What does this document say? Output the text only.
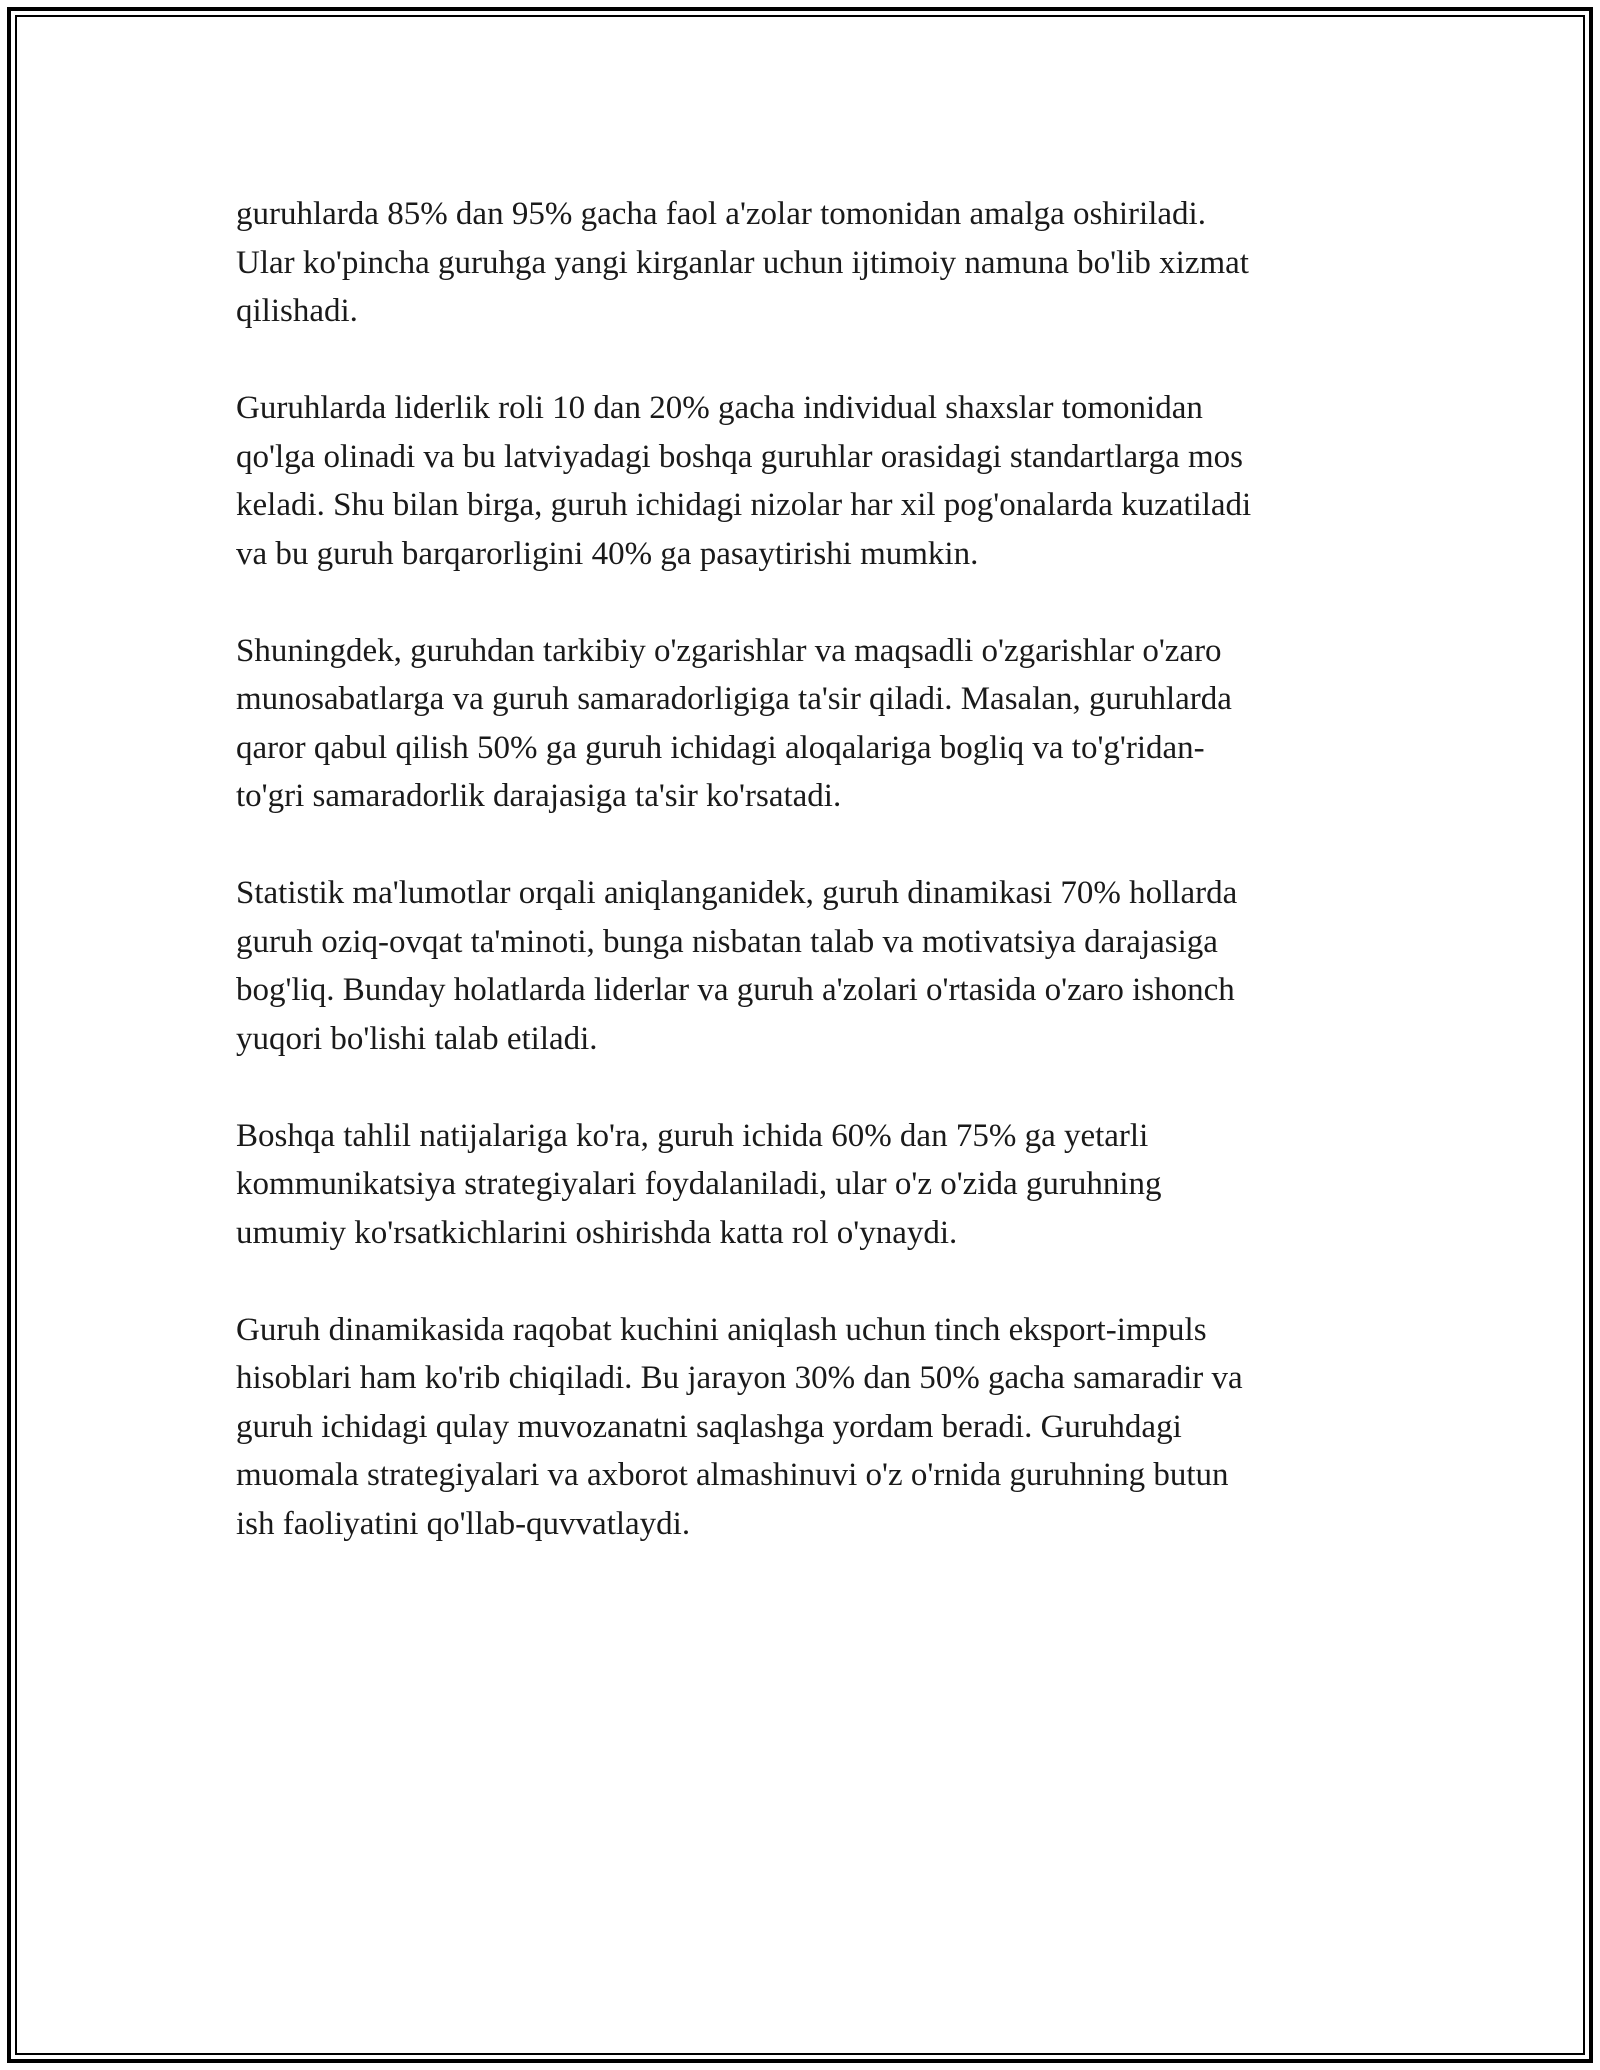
guruhlarda 85% dan 95% gacha faol a'zolar tomonidan amalga oshiriladi.
Ular ko'pincha guruhga yangi kirganlar uchun ijtimoiy namuna bo'lib xizmat
qilishadi.

Guruhlarda liderlik roli 10 dan 20% gacha individual shaxslar tomonidan
qo'lga olinadi va bu latviyadagi boshqa guruhlar orasidagi standartlarga mos
keladi. Shu bilan birga, guruh ichidagi nizolar har xil pog'onalarda kuzatiladi
va bu guruh barqarorligini 40% ga pasaytirishi mumkin.

Shuningdek, guruhdan tarkibiy o'zgarishlar va maqsadli o'zgarishlar o'zaro
munosabatlarga va guruh samaradorligiga ta'sir qiladi. Masalan, guruhlarda
qaror qabul qilish 50% ga guruh ichidagi aloqalariga bogliq va to'g'ridan-
to'gri samaradorlik darajasiga ta'sir ko'rsatadi.

Statistik ma'lumotlar orqali aniqlanganidek, guruh dinamikasi 70% hollarda
guruh oziq-ovqat ta'minoti, bunga nisbatan talab va motivatsiya darajasiga
bog'liq. Bunday holatlarda liderlar va guruh a'zolari o'rtasida o'zaro ishonch
yuqori bo'lishi talab etiladi.

Boshqa tahlil natijalariga ko'ra, guruh ichida 60% dan 75% ga yetarli
kommunikatsiya strategiyalari foydalaniladi, ular o'z o'zida guruhning
umumiy ko'rsatkichlarini oshirishda katta rol o'ynaydi.

Guruh dinamikasida raqobat kuchini aniqlash uchun tinch eksport-impuls
hisoblari ham ko'rib chiqiladi. Bu jarayon 30% dan 50% gacha samaradir va
guruh ichidagi qulay muvozanatni saqlashga yordam beradi. Guruhdagi
muomala strategiyalari va axborot almashinuvi o'z o'rnida guruhning butun
ish faoliyatini qo'llab-quvvatlaydi.
